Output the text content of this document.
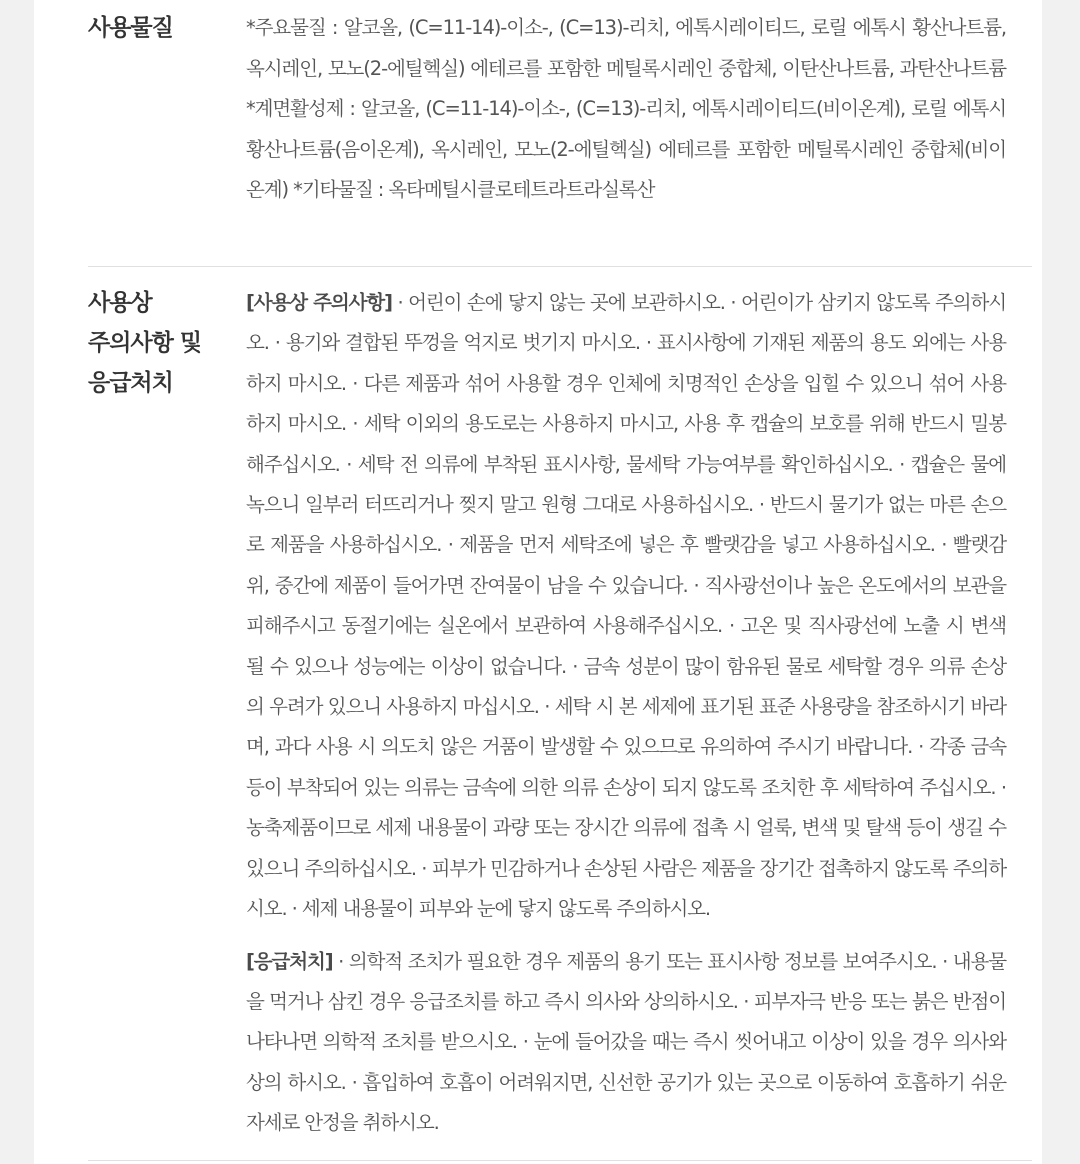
사용물질	*주요물질 : 알코올, (C=11-14)-이소-, (C=13)-리치, 에톡시레이티드, 로릴 에톡시 황산나트륨, 옥시레인, 모노(2-에틸헥실) 에테르를 포함한 메틸록시레인 중합체, 이탄산나트륨, 과탄산나트륨 *계면활성제 : 알코올, (C=11-14)-이소-, (C=13)-리치, 에톡시레이티드(비이온계), 로릴 에톡시 황산나트륨(음이온계), 옥시레인, 모노(2-에틸헥실) 에테르를 포함한 메틸록시레인 중합체(비이온계) *기타물질 : 옥타메틸시클로테트라트라실록산

사용상
주의사항 및
응급처치

[사용상 주의사항] · 어린이 손에 닿지 않는 곳에 보관하시오. · 어린이가 삼키지 않도록 주의하시오. · 용기와 결합된 뚜껑을 억지로 벗기지 마시오. · 표시사항에 기재된 제품의 용도 외에는 사용하지 마시오. · 다른 제품과 섞어 사용할 경우 인체에 치명적인 손상을 입힐 수 있으니 섞어 사용하지 마시오. · 세탁 이외의 용도로는 사용하지 마시고, 사용 후 캡슐의 보호를 위해 반드시 밀봉해주십시오. · 세탁 전 의류에 부착된 표시사항, 물세탁 가능여부를 확인하십시오. · 캡슐은 물에 녹으니 일부러 터뜨리거나 찢지 말고 원형 그대로 사용하십시오. · 반드시 물기가 없는 마른 손으로 제품을 사용하십시오. · 제품을 먼저 세탁조에 넣은 후 빨랫감을 넣고 사용하십시오. · 빨랫감 위, 중간에 제품이 들어가면 잔여물이 남을 수 있습니다. · 직사광선이나 높은 온도에서의 보관을 피해주시고 동절기에는 실온에서 보관하여 사용해주십시오. · 고온 및 직사광선에 노출 시 변색 될 수 있으나 성능에는 이상이 없습니다. · 금속 성분이 많이 함유된 물로 세탁할 경우 의류 손상의 우려가 있으니 사용하지 마십시오. · 세탁 시 본 세제에 표기된 표준 사용량을 참조하시기 바라며, 과다 사용 시 의도치 않은 거품이 발생할 수 있으므로 유의하여 주시기 바랍니다. · 각종 금속 등이 부착되어 있는 의류는 금속에 의한 의류 손상이 되지 않도록 조치한 후 세탁하여 주십시오. · 농축제품이므로 세제 내용물이 과량 또는 장시간 의류에 접촉 시 얼룩, 변색 및 탈색 등이 생길 수 있으니 주의하십시오. · 피부가 민감하거나 손상된 사람은 제품을 장기간 접촉하지 않도록 주의하시오. · 세제 내용물이 피부와 눈에 닿지 않도록 주의하시오.

[응급처치] · 의학적 조치가 필요한 경우 제품의 용기 또는 표시사항 정보를 보여주시오. · 내용물을 먹거나 삼킨 경우 응급조치를 하고 즉시 의사와 상의하시오. · 피부자극 반응 또는 붉은 반점이 나타나면 의학적 조치를 받으시오. · 눈에 들어갔을 때는 즉시 씻어내고 이상이 있을 경우 의사와 상의 하시오. · 흡입하여 호흡이 어려워지면, 신선한 공기가 있는 곳으로 이동하여 호흡하기 쉬운 자세로 안정을 취하시오.
